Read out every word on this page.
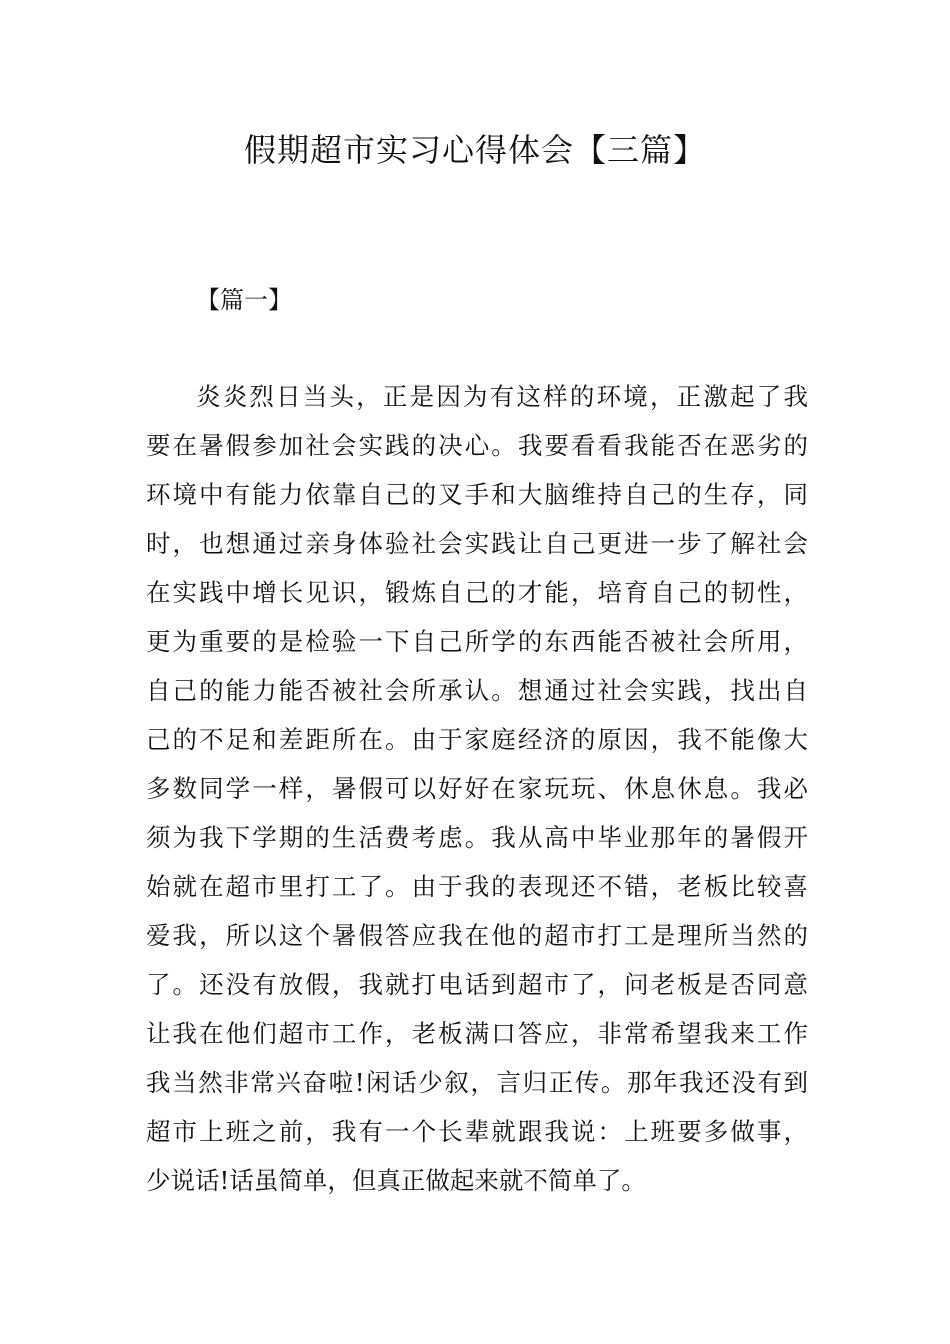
假期超市实习心得体会【三篇】

【篇一】

炎炎烈日当头，正是因为有这样的环境，正激起了我
要在暑假参加社会实践的决心。我要看看我能否在恶劣的
环境中有能力依靠自己的叉手和大脑维持自己的生存，同
时，也想通过亲身体验社会实践让自己更进一步了解社会
在实践中增长见识，锻炼自己的才能，培育自己的韧性，
更为重要的是检验一下自己所学的东西能否被社会所用，
自己的能力能否被社会所承认。想通过社会实践，找出自
己的不足和差距所在。由于家庭经济的原因，我不能像大
多数同学一样，暑假可以好好在家玩玩、休息休息。我必
须为我下学期的生活费考虑。我从高中毕业那年的暑假开
始就在超市里打工了。由于我的表现还不错，老板比较喜
爱我，所以这个暑假答应我在他的超市打工是理所当然的
了。还没有放假，我就打电话到超市了，问老板是否同意
让我在他们超市工作，老板满口答应，非常希望我来工作
我当然非常兴奋啦!闲话少叙，言归正传。那年我还没有到
超市上班之前，我有一个长辈就跟我说：上班要多做事，
少说话!话虽简单，但真正做起来就不简单了。
